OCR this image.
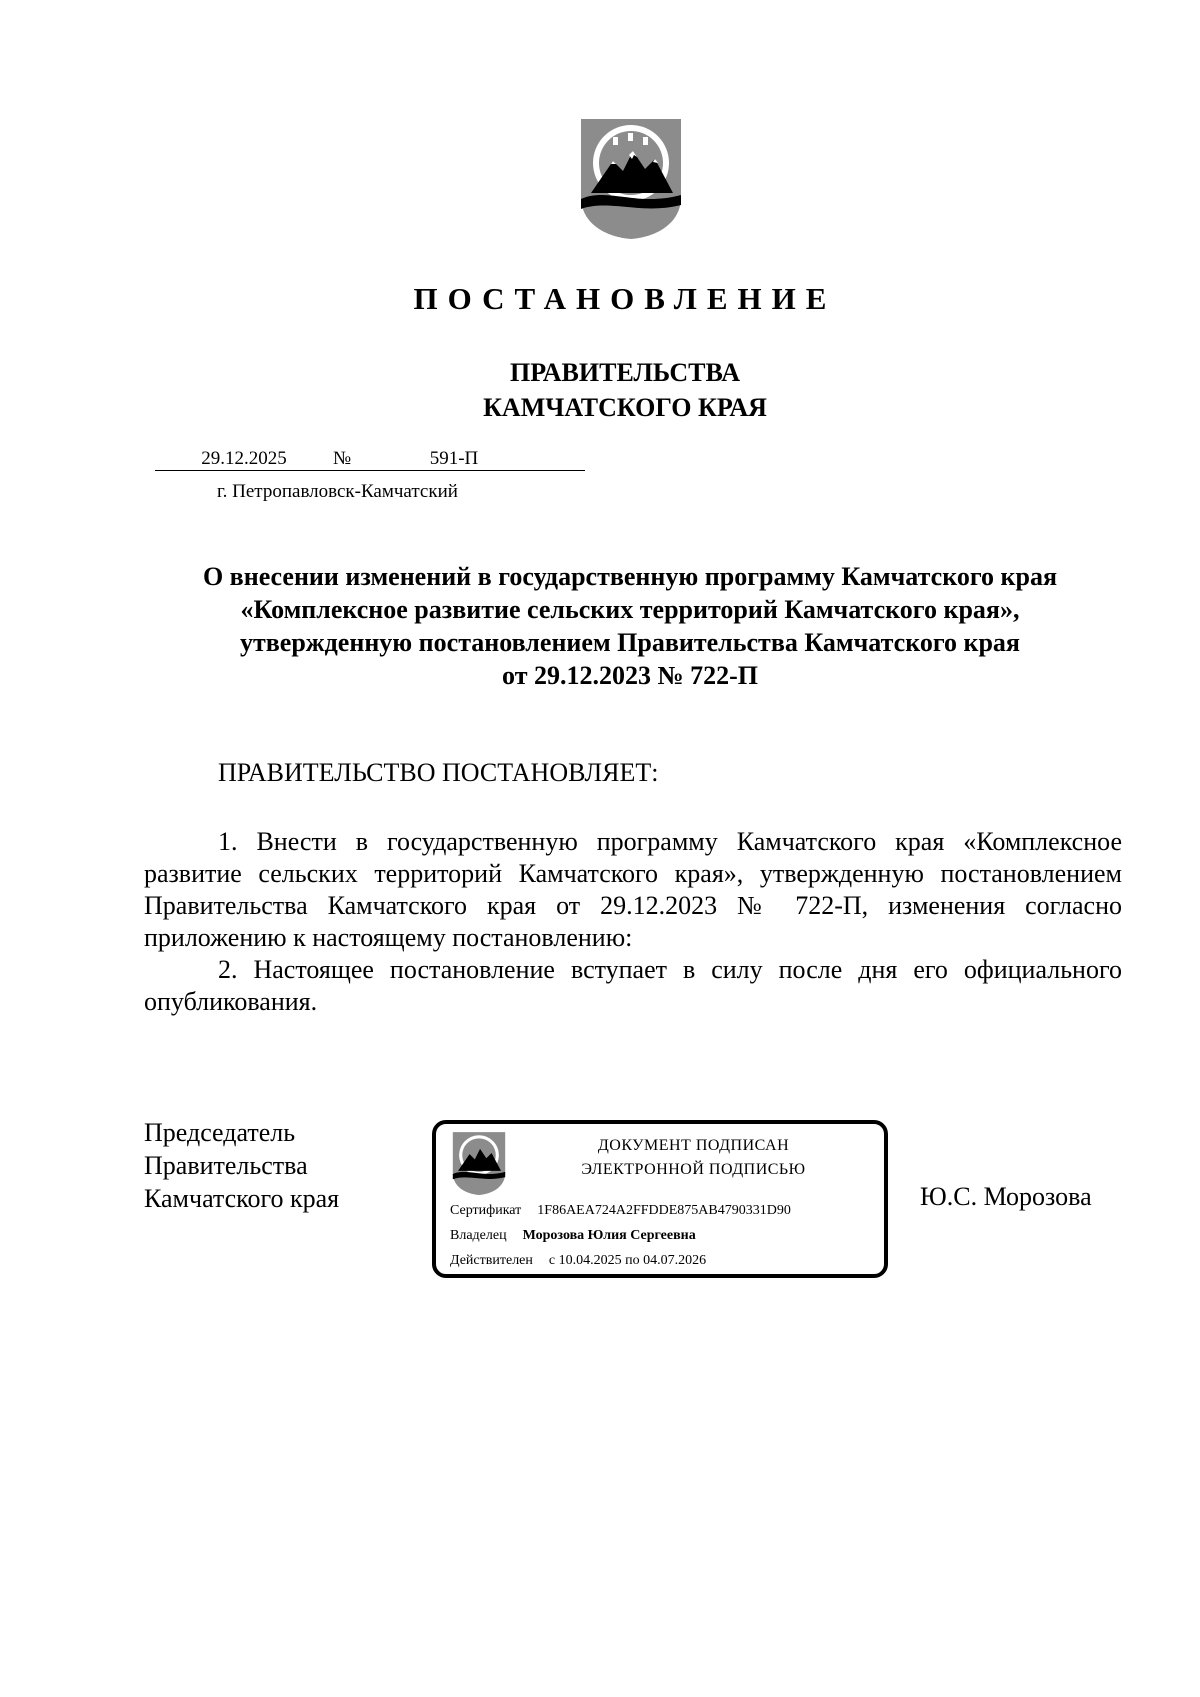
ПОСТАНОВЛЕНИЕ
ПРАВИТЕЛЬСТВА
КАМЧАТСКОГО КРАЯ
29.12.2025	№	591-П
г. Петропавловск-Камчатский
О внесении изменений в государственную программу Камчатского края
«Комплексное развитие сельских территорий Камчатского края»,
утвержденную постановлением Правительства Камчатского края
от 29.12.2023 № 722-П
ПРАВИТЕЛЬСТВО ПОСТАНОВЛЯЕТ:

1. Внести в государственную программу Камчатского края «Комплексное развитие сельских территорий Камчатского края», утвержденную постановлением Правительства Камчатского края от 29.12.2023 № 722-П, изменения согласно приложению к настоящему постановлению:

2. Настоящее постановление вступает в силу после дня его официального опубликования.

Председатель
Правительства
Камчатского края
ДОКУМЕНТ ПОДПИСАН
ЭЛЕКТРОННОЙ ПОДПИСЬЮ
Сертификат 1F86AEA724A2FFDDE875AB4790331D90
Владелец Морозова Юлия Сергеевна
Действителен с 10.04.2025 по 04.07.2026
Ю.С. Морозова
